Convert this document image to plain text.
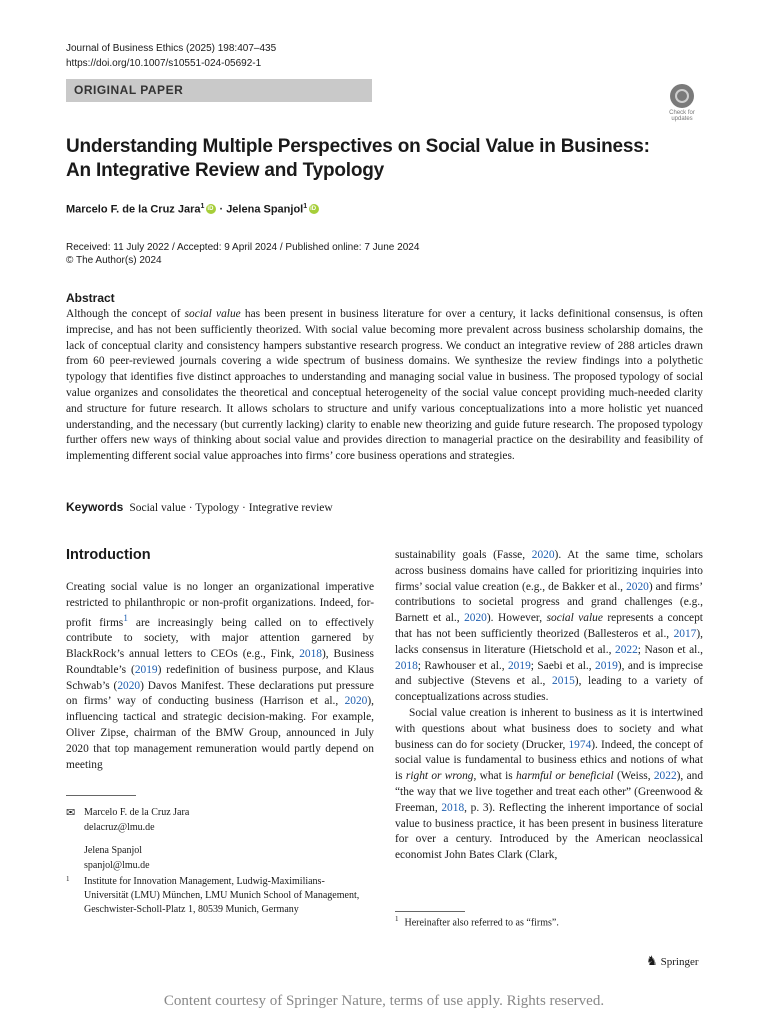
Journal of Business Ethics (2025) 198:407–435
https://doi.org/10.1007/s10551-024-05692-1
ORIGINAL PAPER
Check for updates
Understanding Multiple Perspectives on Social Value in Business:
An Integrative Review and Typology
Marcelo F. de la Cruz Jara$^1$iD · Jelena Spanjol$^1$iD
Received: 11 July 2022 / Accepted: 9 April 2024 / Published online: 7 June 2024
© The Author(s) 2024
Abstract
Although the concept of social value has been present in business literature for over a century, it lacks definitional consensus, is often imprecise, and has not been sufficiently theorized. With social value becoming more prevalent across business scholarship domains, the lack of conceptual clarity and consistency hampers substantive research progress. We conduct an integrative review of 288 articles drawn from 60 peer-reviewed journals covering a wide spectrum of business domains. We synthesize the review findings into a polythetic typology that identifies five distinct approaches to understanding and managing social value in business. The proposed typology of social value organizes and consolidates the theoretical and conceptual heterogeneity of the social value concept providing much-needed clarity and structure for future research. It allows scholars to structure and unify various conceptualizations into a more holistic yet nuanced understanding, and the necessary (but currently lacking) clarity to enable new theorizing and guide future research. The proposed typology further offers new ways of thinking about social value and provides direction to managerial practice on the desirability and feasibility of implementing different social value approaches into firms’ core business operations and strategies.
Keywords Social value · Typology · Integrative review
Introduction

Creating social value is no longer an organizational imperative restricted to philanthropic or non-profit organizations. Indeed, for-profit firms$^1$ are increasingly being called on to effectively contribute to society, with major attention garnered by BlackRock’s annual letters to CEOs (e.g., Fink, 2018), Business Roundtable’s (2019) redefinition of business purpose, and Klaus Schwab’s (2020) Davos Manifest. These declarations put pressure on firms’ way of conducting business (Harrison et al., 2020), influencing tactical and strategic decision-making. For example, Oliver Zipse, chairman of the BMW Group, announced in July 2020 that top management remuneration would partly depend on meeting

sustainability goals (Fasse, 2020). At the same time, scholars across business domains have called for prioritizing inquiries into firms’ social value creation (e.g., de Bakker et al., 2020) and firms’ contributions to societal progress and grand challenges (e.g., Barnett et al., 2020). However, social value represents a concept that has not been sufficiently theorized (Ballesteros et al., 2017), lacks consensus in literature (Hietschold et al., 2022; Nason et al., 2018; Rawhouser et al., 2019; Saebi et al., 2019), and is imprecise and subjective (Stevens et al., 2015), leading to a variety of conceptualizations across studies.

Social value creation is inherent to business as it is intertwined with questions about what business does to society and what business can do for society (Drucker, 1974). Indeed, the concept of social value is fundamental to business ethics and notions of what is right or wrong, what is harmful or beneficial (Weiss, 2022), and “the way that we live together and treat each other” (Greenwood & Freeman, 2018, p. 3). Reflecting the inherent importance of social value to business practice, it has been present in business literature for over a century. Introduced by the American neoclassical economist John Bates Clark (Clark,

✉ Marcelo F. de la Cruz Jara
delacruz@lmu.de
Jelena Spanjol
spanjol@lmu.de
1 Institute for Innovation Management, Ludwig-Maximilians-Universität (LMU) München, LMU Munich School of Management, Geschwister-Scholl-Platz 1, 80539 Munich, Germany
$^1$ Hereinafter also referred to as “firms”.
♞ Springer
Content courtesy of Springer Nature, terms of use apply. Rights reserved.
